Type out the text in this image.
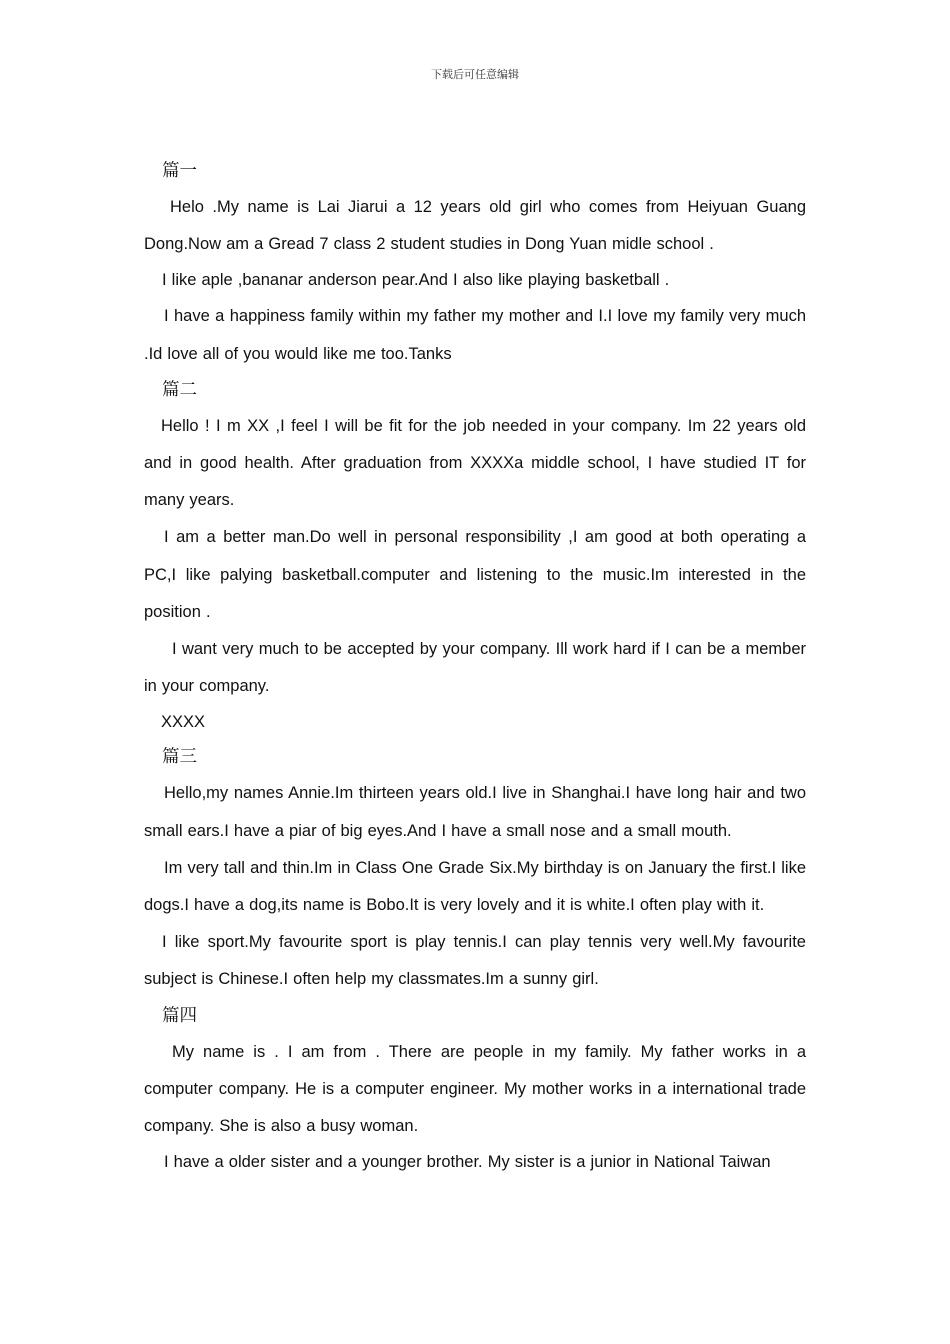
下载后可任意编辑
篇一

Helo .My name is Lai Jiarui a 12 years old girl who comes from Heiyuan Guang Dong.Now am a Gread 7 class 2 student studies in Dong Yuan midle school .

I like aple ,bananar anderson pear.And I also like playing basketball .

I have a happiness family within my father my mother and I.I love my family very much .Id love all of you would like me too.Tanks

篇二

Hello ! I m XX ,I feel I will be fit for the job needed in your company. Im 22 years old and in good health. After graduation from XXXXa middle school, I have studied IT for many years.

I am a better man.Do well in personal responsibility ,I am good at both operating a PC,I like palying basketball.computer and listening to the music.Im interested in the position .

I want very much to be accepted by your company. Ill work hard if I can be a member in your company.

XXXX
篇三

Hello,my names Annie.Im thirteen years old.I live in Shanghai.I have long hair and two small ears.I have a piar of big eyes.And I have a small nose and a small mouth.

Im very tall and thin.Im in Class One Grade Six.My birthday is on January the first.I like dogs.I have a dog,its name is Bobo.It is very lovely and it is white.I often play with it.

I like sport.My favourite sport is play tennis.I can play tennis very well.My favourite subject is Chinese.I often help my classmates.Im a sunny girl.

篇四

My name is . I am from . There are people in my family. My father works in a computer company. He is a computer engineer. My mother works in a international trade company. She is also a busy woman.

I have a older sister and a younger brother. My sister is a junior in National Taiwan
